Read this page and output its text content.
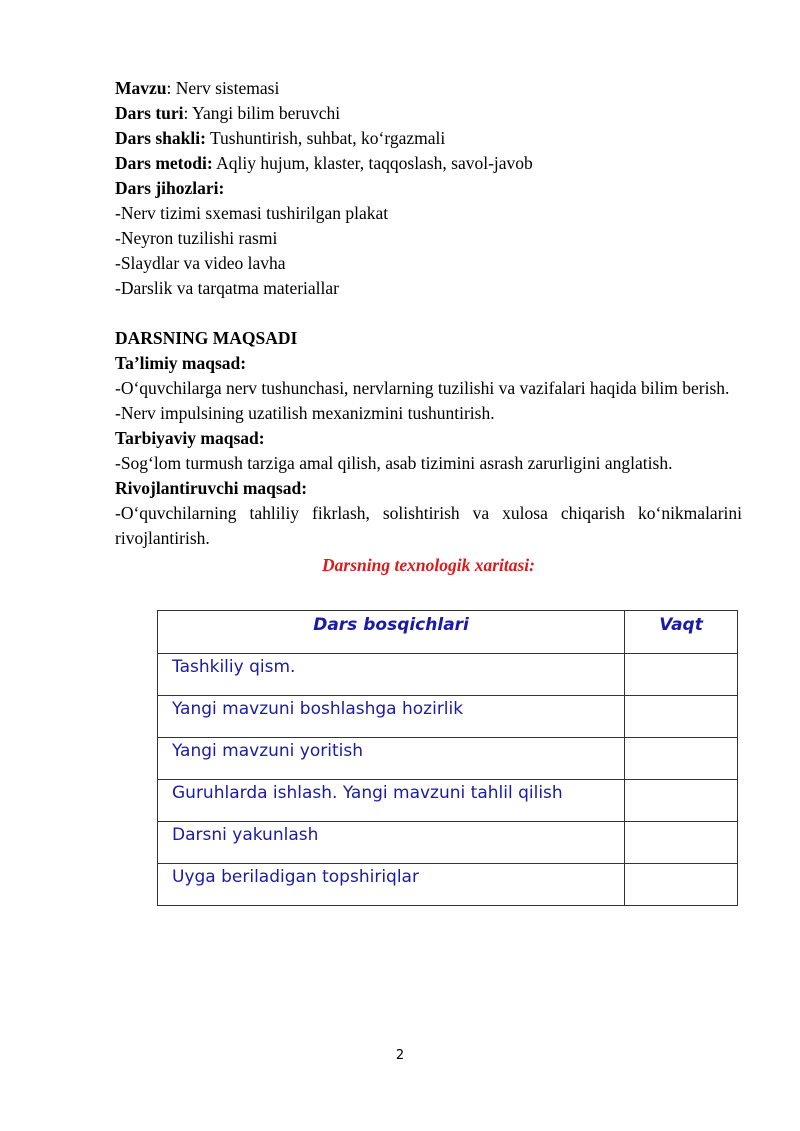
Mavzu: Nerv sistemasi

Dars turi: Yangi bilim beruvchi

Dars shakli: Tushuntirish, suhbat, ko‘rgazmali

Dars metodi: Aqliy hujum, klaster, taqqoslash, savol-javob

Dars jihozlari:

-Nerv tizimi sxemasi tushirilgan plakat

-Neyron tuzilishi rasmi

-Slaydlar va video lavha

-Darslik va tarqatma materiallar

DARSNING MAQSADI

Ta’limiy maqsad:

-O‘quvchilarga nerv tushunchasi, nervlarning tuzilishi va vazifalari haqida bilim berish.

-Nerv impulsining uzatilish mexanizmini tushuntirish.

Tarbiyaviy maqsad:

-Sog‘lom turmush tarziga amal qilish, asab tizimini asrash zarurligini anglatish.

Rivojlantiruvchi maqsad:

-O‘quvchilarning tahliliy fikrlash, solishtirish va xulosa chiqarish ko‘nikmalarini rivojlantirish.

Darsning texnologik xaritasi:

Dars bosqichlari	Vaqt
Tashkiliy qism.	
Yangi mavzuni boshlashga hozirlik	
Yangi mavzuni yoritish	
Guruhlarda ishlash. Yangi mavzuni tahlil qilish	
Darsni yakunlash	
Uyga beriladigan topshiriqlar	
2
